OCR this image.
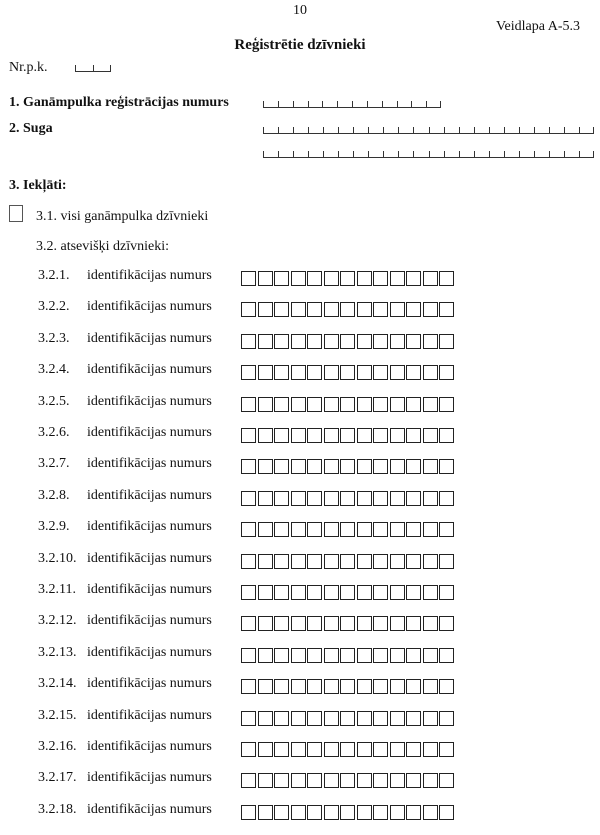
10
Veidlapa A-5.3
Reģistrētie dzīvnieki
Nr.p.k.
1. Ganāmpulka reģistrācijas numurs
2. Suga
3. Iekļāti:
3.1. visi ganāmpulka dzīvnieki
3.2. atsevišķi dzīvnieki:
3.2.1. identifikācijas numurs
3.2.2. identifikācijas numurs
3.2.3. identifikācijas numurs
3.2.4. identifikācijas numurs
3.2.5. identifikācijas numurs
3.2.6. identifikācijas numurs
3.2.7. identifikācijas numurs
3.2.8. identifikācijas numurs
3.2.9. identifikācijas numurs
3.2.10. identifikācijas numurs
3.2.11. identifikācijas numurs
3.2.12. identifikācijas numurs
3.2.13. identifikācijas numurs
3.2.14. identifikācijas numurs
3.2.15. identifikācijas numurs
3.2.16. identifikācijas numurs
3.2.17. identifikācijas numurs
3.2.18. identifikācijas numurs
